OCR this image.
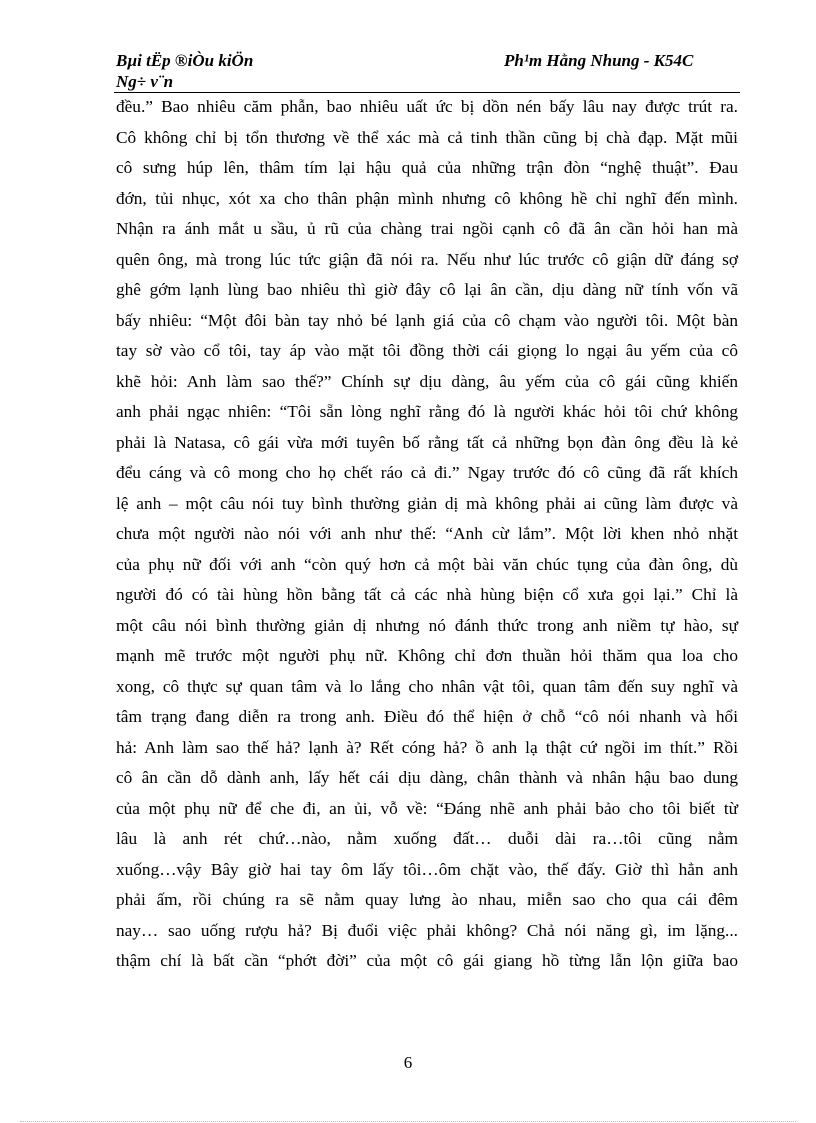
Bµi tËp ®iÒu kiÖn
Ng÷ v¨n
Ph¹m Hằng Nhung - K54C
đều.” Bao nhiêu căm phẫn, bao nhiêu uất ức bị dồn nén bấy lâu nay được trút ra.
Cô không chỉ bị tổn thương về thể xác mà cả tinh thần cũng bị chà đạp. Mặt mũi
cô sưng húp lên, thâm tím lại hậu quả của những trận đòn “nghệ thuật”. Đau
đớn, tủi nhục, xót xa cho thân phận mình nhưng cô không hề chỉ nghĩ đến mình.
Nhận ra ánh mắt u sầu, ủ rũ của chàng trai ngồi cạnh cô đã ân cần hỏi han mà
quên ông, mà trong lúc tức giận đã nói ra. Nếu như lúc trước cô giận dữ đáng sợ
ghê gớm lạnh lùng bao nhiêu thì giờ đây cô lại ân cần, dịu dàng nữ tính vốn vã
bấy nhiêu: “Một đôi bàn tay nhỏ bé lạnh giá của cô chạm vào người tôi. Một bàn
tay sờ vào cổ tôi, tay áp vào mặt tôi đồng thời cái giọng lo ngại âu yếm của cô
khẽ hỏi: Anh làm sao thế?” Chính sự dịu dàng, âu yếm của cô gái cũng khiến
anh phải ngạc nhiên: “Tôi sẵn lòng nghĩ rằng đó là người khác hỏi tôi chứ không
phải là Natasa, cô gái vừa mới tuyên bố rằng tất cả những bọn đàn ông đều là kẻ
đểu cáng và cô mong cho họ chết ráo cả đi.” Ngay trước đó cô cũng đã rất khích
lệ anh – một câu nói tuy bình thường giản dị mà không phải ai cũng làm được và
chưa một người nào nói với anh như thế: “Anh cừ lắm”. Một lời khen nhỏ nhặt
của phụ nữ đối với anh “còn quý hơn cả một bài văn chúc tụng của đàn ông, dù
người đó có tài hùng hồn bằng tất cả các nhà hùng biện cổ xưa gọi lại.” Chỉ là
một câu nói bình thường giản dị nhưng nó đánh thức trong anh niềm tự hào, sự
mạnh mẽ trước một người phụ nữ. Không chỉ đơn thuần hỏi thăm qua loa cho
xong, cô thực sự quan tâm và lo lắng cho nhân vật tôi, quan tâm đến suy nghĩ và
tâm trạng đang diễn ra trong anh. Điều đó thể hiện ở chỗ “cô nói nhanh và hổi
hả: Anh làm sao thế hả? lạnh à? Rết cóng hả? ồ anh lạ thật cứ ngồi im thít.” Rồi
cô ân cần dỗ dành anh, lấy hết cái dịu dàng, chân thành và nhân hậu bao dung
của một phụ nữ để che đi, an ủi, vỗ về: “Đáng nhẽ anh phải bảo cho tôi biết từ
lâu là anh rét chứ…nào, nằm xuống đất… duỗi dài ra…tôi cũng nằm
xuống…vậy Bây giờ hai tay ôm lấy tôi…ôm chặt vào, thế đấy. Giờ thì hẳn anh
phải ấm, rồi chúng ra sẽ nằm quay lưng ào nhau, miễn sao cho qua cái đêm
nay… sao uống rượu hả? Bị đuổi việc phải không? Chả nói năng gì, im lặng...
thậm chí là bất cần “phớt đời” của một cô gái giang hồ từng lẫn lộn giữa bao
6
